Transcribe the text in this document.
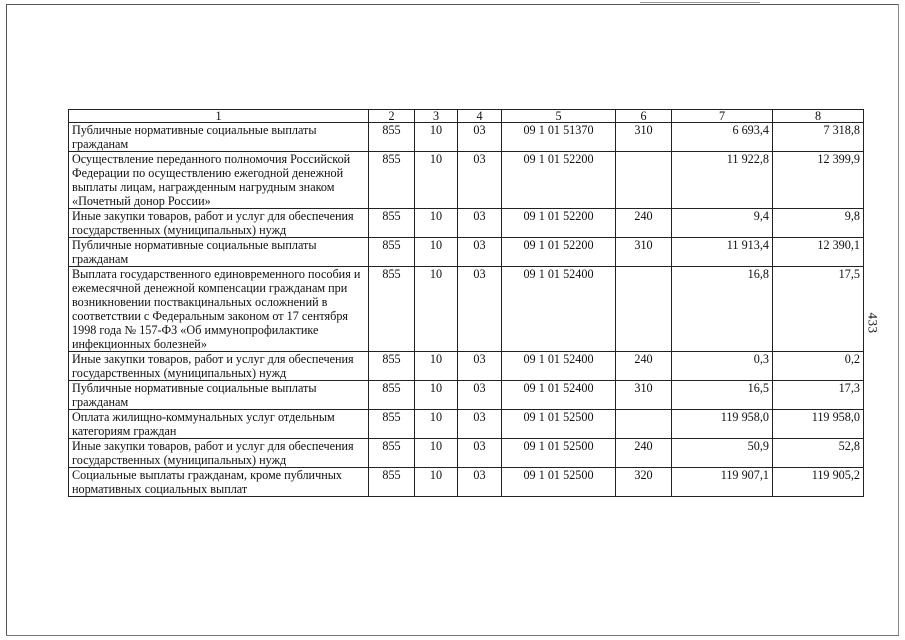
433
1	2	3	4	5	6	7	8
Публичные нормативные социальные выплаты гражданам	855	10	03	09 1 01 51370	310	6 693,4	7 318,8
Осуществление переданного полномочия Российской Федерации по осуществлению ежегодной денежной выплаты лицам, награжденным нагрудным знаком «Почетный донор России»	855	10	03	09 1 01 52200		11 922,8	12 399,9
Иные закупки товаров, работ и услуг для обеспечения государственных (муниципальных) нужд	855	10	03	09 1 01 52200	240	9,4	9,8
Публичные нормативные социальные выплаты гражданам	855	10	03	09 1 01 52200	310	11 913,4	12 390,1
Выплата государственного единовременного пособия и ежемесячной денежной компенсации гражданам при возникновении поствакцинальных осложнений в соответствии с Федеральным законом от 17 сентября 1998 года № 157-ФЗ «Об иммунопрофилактике инфекционных болезней»	855	10	03	09 1 01 52400		16,8	17,5
Иные закупки товаров, работ и услуг для обеспечения государственных (муниципальных) нужд	855	10	03	09 1 01 52400	240	0,3	0,2
Публичные нормативные социальные выплаты гражданам	855	10	03	09 1 01 52400	310	16,5	17,3
Оплата жилищно-коммунальных услуг отдельным категориям граждан	855	10	03	09 1 01 52500		119 958,0	119 958,0
Иные закупки товаров, работ и услуг для обеспечения государственных (муниципальных) нужд	855	10	03	09 1 01 52500	240	50,9	52,8
Социальные выплаты гражданам, кроме публичных нормативных социальных выплат	855	10	03	09 1 01 52500	320	119 907,1	119 905,2
